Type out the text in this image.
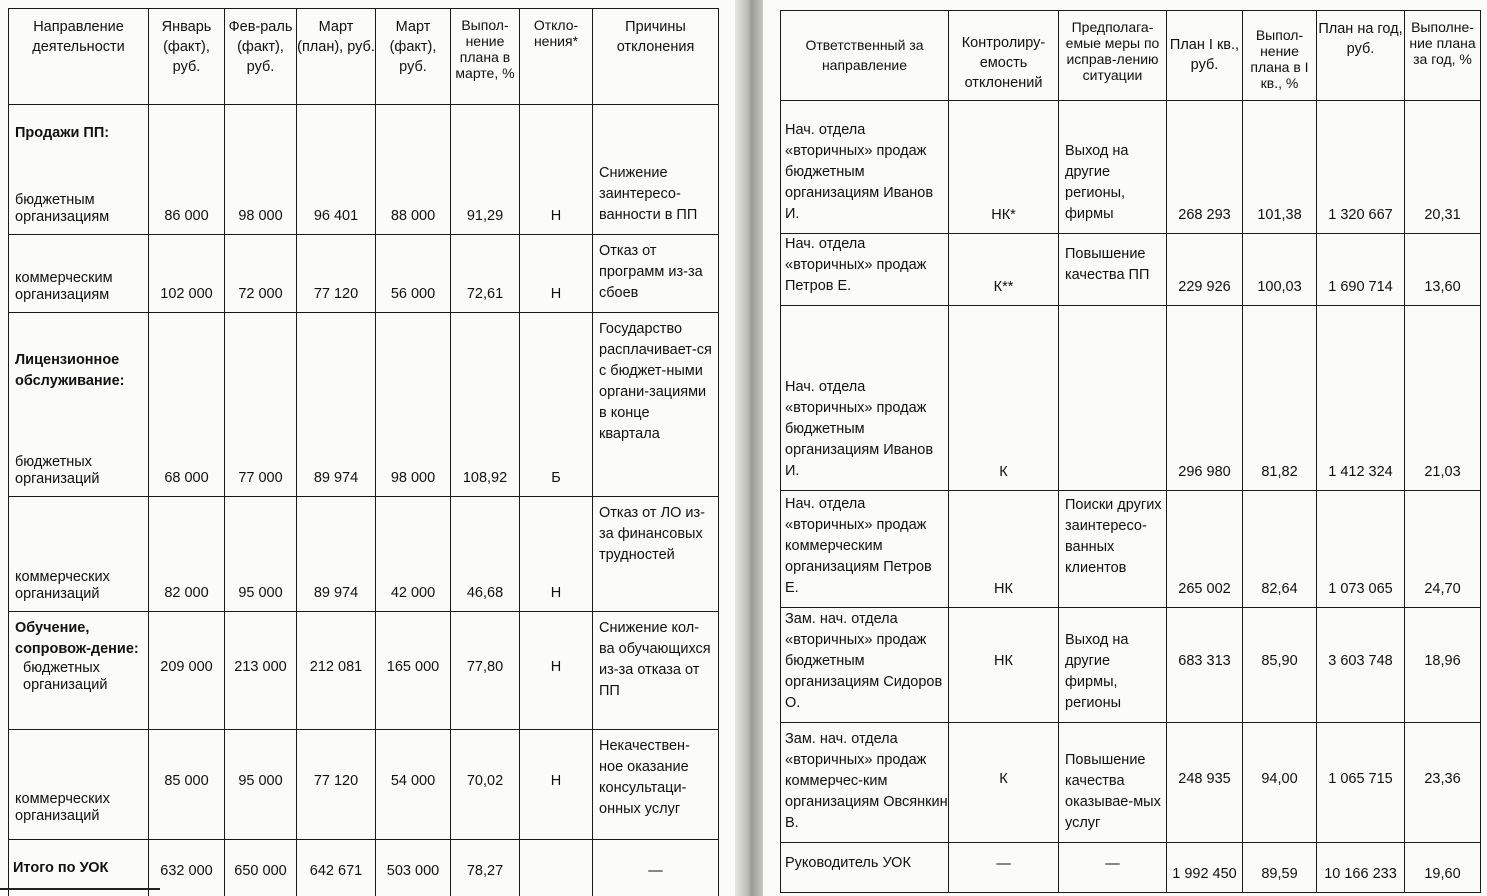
Направление деятельности	Январь (факт), руб.	Фев-раль (факт), руб.	Март (план), руб.	Март (факт), руб.	Выпол-нение плана в марте, %	Откло-нения*	Причины отклонения

Продажи ПП:
бюджетным организациям	86 000	98 000	96 401	88 000	91,29	Н	Снижение заинтересо-ванности в ПП
коммерческим организациям	102 000	72 000	77 120	56 000	72,61	Н	Отказ от программ из-за сбоев

Лицензионное обслуживание:
бюджетных организаций	68 000	77 000	89 974	98 000	108,92	Б	Государство расплачивает-ся с бюджет-ными органи-зациями в конце квартала
коммерческих организаций	82 000	95 000	89 974	42 000	46,68	Н	Отказ от ЛО из-за финансовых трудностей

Обучение, сопровож-дение:
бюджетных организаций	209 000	213 000	212 081	165 000	77,80	Н	Снижение кол-ва обучающихся из-за отказа от ПП
коммерческих организаций	85 000	95 000	77 120	54 000	70,02	Н	Некачествен-ное оказание консультаци-онных услуг
Итого по УОК	632 000	650 000	642 671	503 000	78,27		—
Ответственный за направление	Контролиру-емость отклонений	Предполага-емые меры по исправ-лению ситуации	План I кв., руб.	Выпол-нение плана в I кв., %	План на год, руб.	Выполне-ние плана за год, %
Нач. отдела «вторичных» продаж бюджетным организациям Иванов И.	НК*	Выход на другие регионы, фирмы	268 293	101,38	1 320 667	20,31
Нач. отдела «вторичных» продаж Петров Е.	К**	Повышение качества ПП	229 926	100,03	1 690 714	13,60
Нач. отдела «вторичных» продаж бюджетным организациям Иванов И.	К		296 980	81,82	1 412 324	21,03
Нач. отдела «вторичных» продаж коммерческим организациям Петров Е.	НК	Поиски других заинтересо-ванных клиентов	265 002	82,64	1 073 065	24,70
Зам. нач. отдела «вторичных» продаж бюджетным организациям Сидоров О.	НК	Выход на другие фирмы, регионы	683 313	85,90	3 603 748	18,96
Зам. нач. отдела «вторичных» продаж коммерчес-ким организациям Овсянкин В.	К	Повышение качества оказывае-мых услуг	248 935	94,00	1 065 715	23,36
Руководитель УОК	—	—	1 992 450	89,59	10 166 233	19,60
